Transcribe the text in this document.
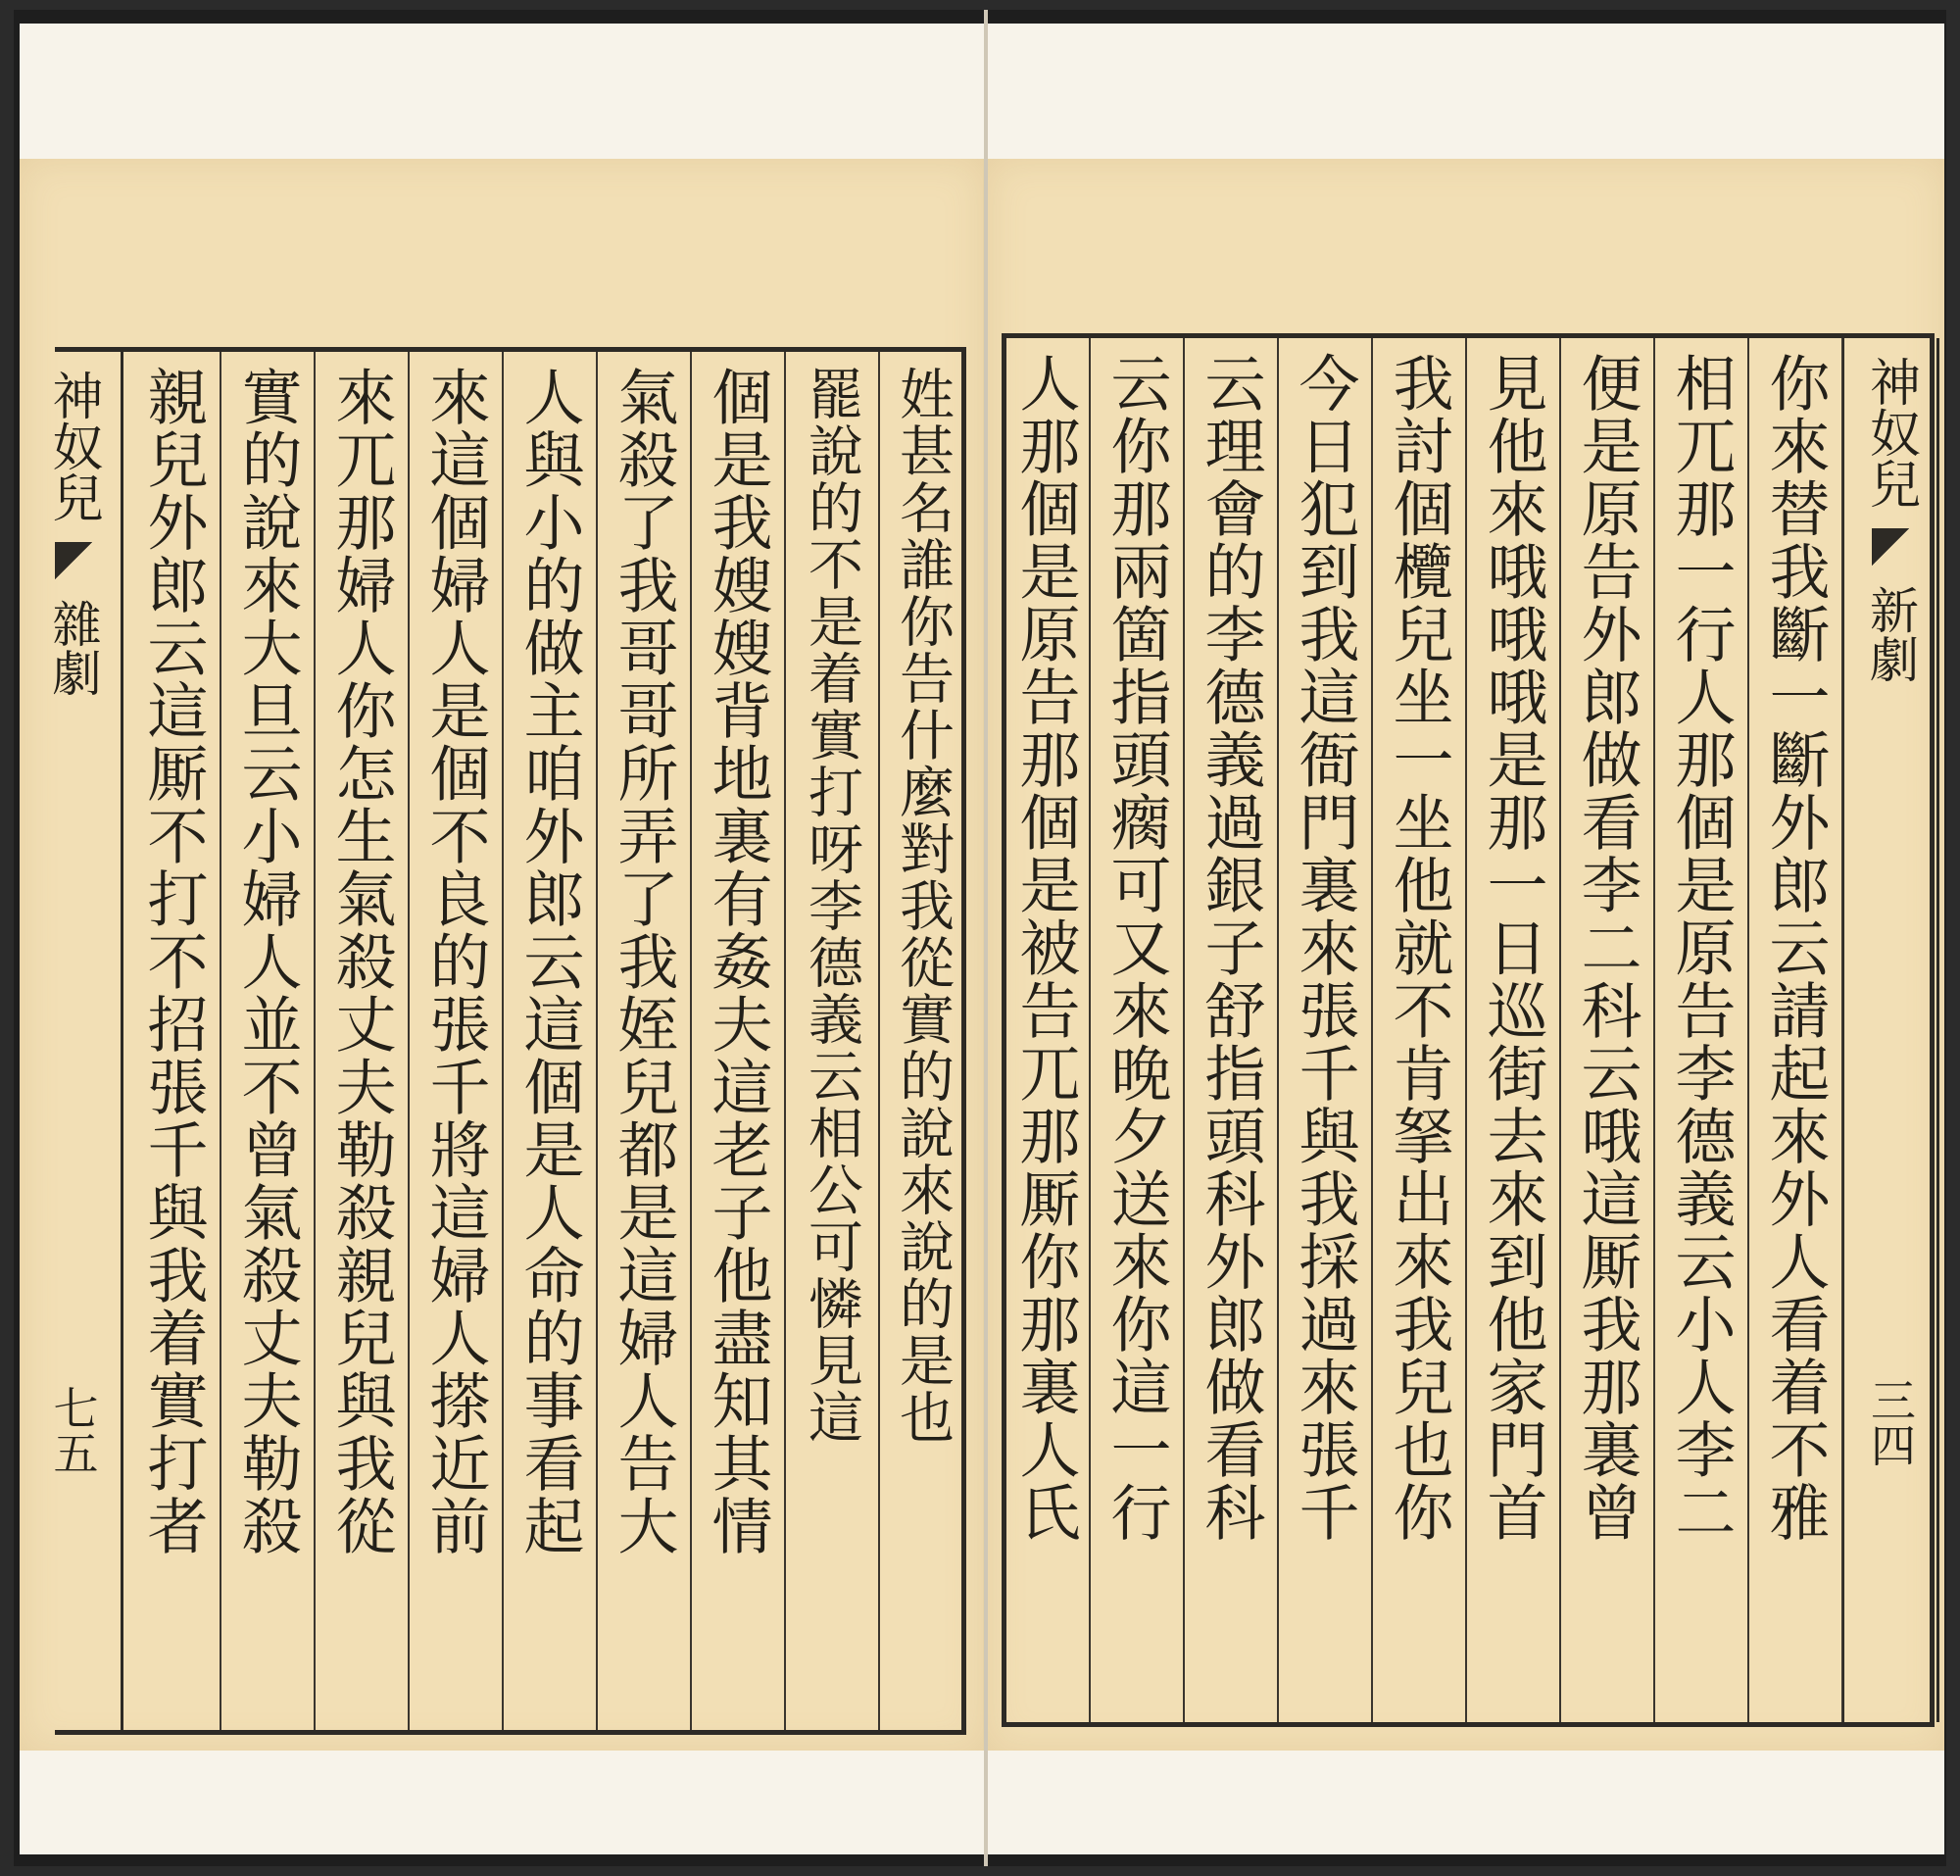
神奴兒
雜劇
七五	姓甚名誰你告什麼對我從實的說來說的是也
罷說的不是着實打呀李德義云相公可憐見這
個是我嫂嫂背地裏有姦夫這老子他盡知其情
氣殺了我哥哥所弄了我姪兒都是這婦人告大
人與小的做主咱外郎云這個是人命的事看起
來這個婦人是個不良的張千將這婦人搽近前
來兀那婦人你怎生氣殺丈夫勒殺親兒與我從
實的說來大旦云小婦人並不曾氣殺丈夫勒殺
親兒外郎云這厮不打不招張千與我着實打者	神奴兒
新劇
三四
你來替我斷一斷外郎云請起來外人看着不雅
相兀那一行人那個是原告李德義云小人李二
便是原告外郎做看李二科云哦這厮我那裏曾
見他來哦哦哦是那一日巡街去來到他家門首
我討個欖兒坐一坐他就不肯拏出來我兒也你
今日犯到我這衙門裏來張千與我採過來張千
云理會的李德義過銀子舒指頭科外郎做看科
云你那兩箇指頭瘸可又來晚夕送來你這一行
人那個是原告那個是被告兀那厮你那裏人氏
